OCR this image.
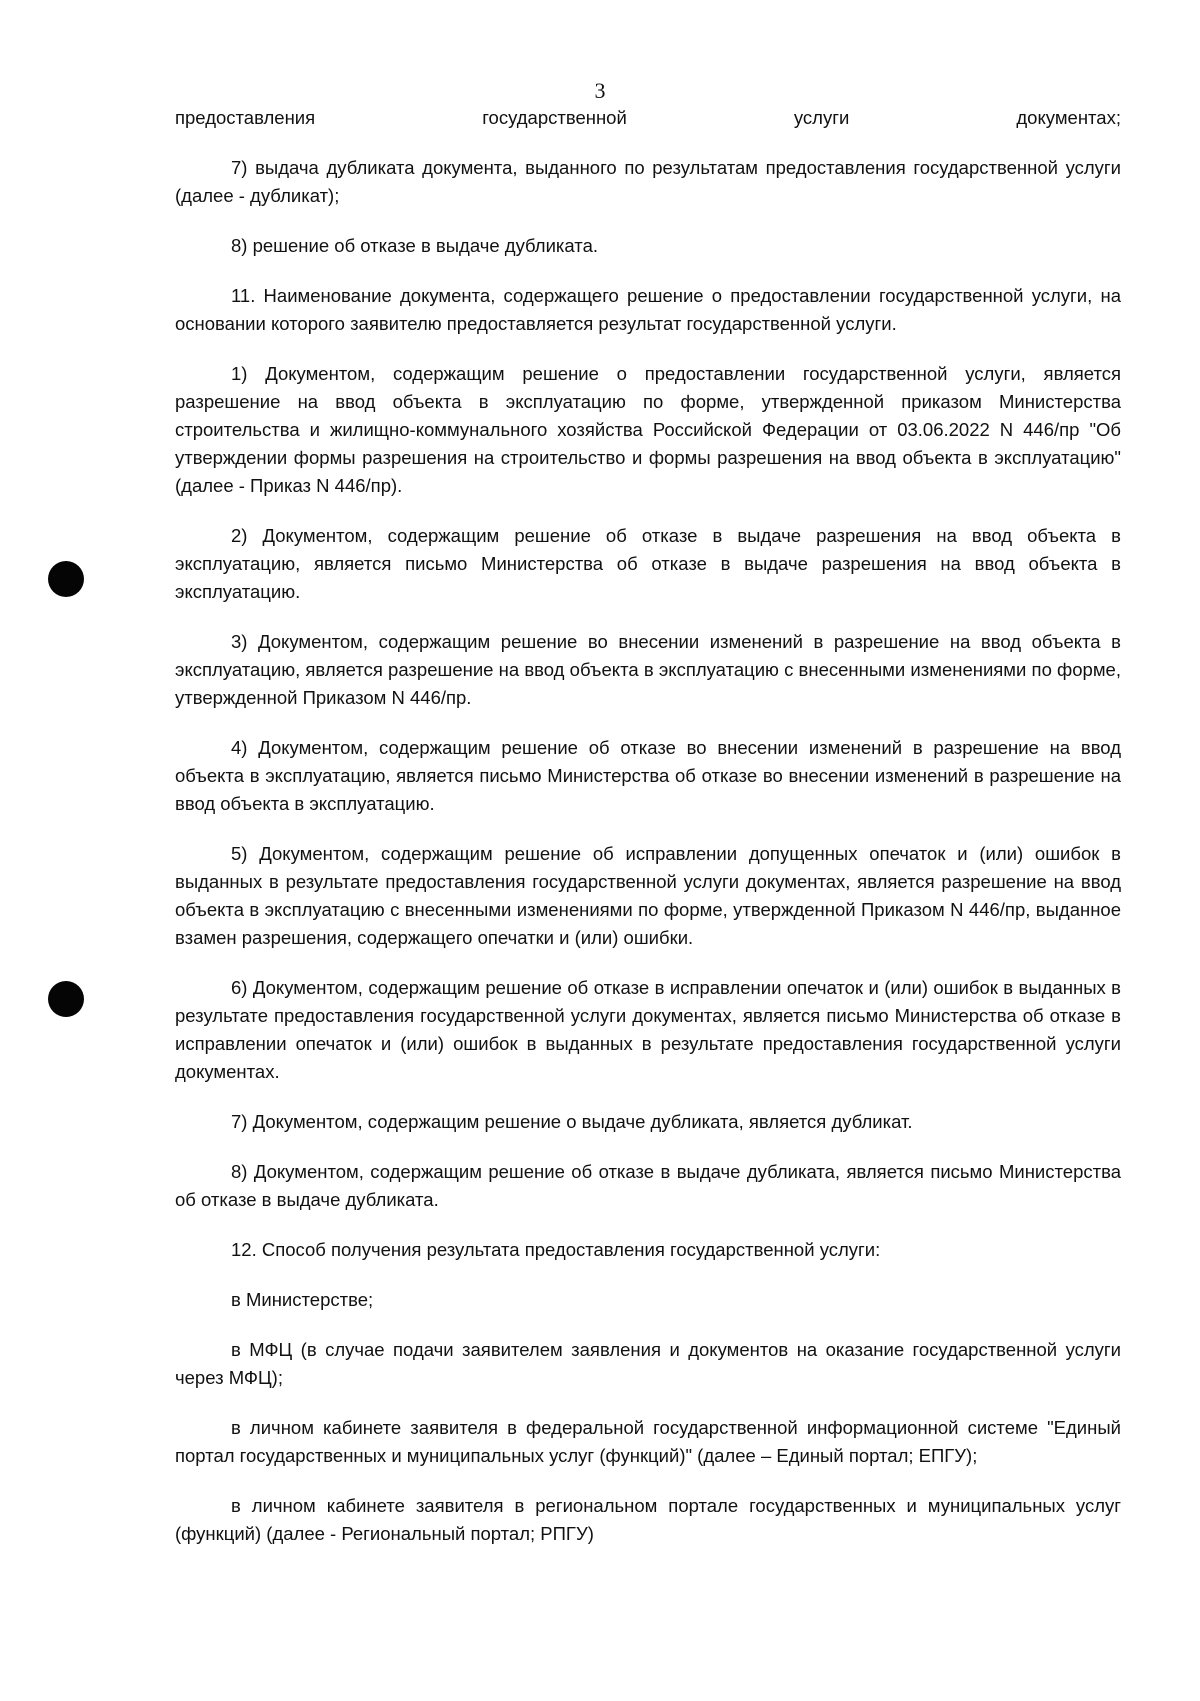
3

предоставления государственной услуги документах;

7) выдача дубликата документа, выданного по результатам предоставления государственной услуги (далее - дубликат);

8) решение об отказе в выдаче дубликата.

11. Наименование документа, содержащего решение о предоставлении государственной услуги, на основании которого заявителю предоставляется результат государственной услуги.

1) Документом, содержащим решение о предоставлении государственной услуги, является разрешение на ввод объекта в эксплуатацию по форме, утвержденной приказом Министерства строительства и жилищно-коммунального хозяйства Российской Федерации от 03.06.2022 N 446/пр "Об утверждении формы разрешения на строительство и формы разрешения на ввод объекта в эксплуатацию" (далее - Приказ N 446/пр).

2) Документом, содержащим решение об отказе в выдаче разрешения на ввод объекта в эксплуатацию, является письмо Министерства об отказе в выдаче разрешения на ввод объекта в эксплуатацию.

3) Документом, содержащим решение во внесении изменений в разрешение на ввод объекта в эксплуатацию, является разрешение на ввод объекта в эксплуатацию с внесенными изменениями по форме, утвержденной Приказом N 446/пр.

4) Документом, содержащим решение об отказе во внесении изменений в разрешение на ввод объекта в эксплуатацию, является письмо Министерства об отказе во внесении изменений в разрешение на ввод объекта в эксплуатацию.

5) Документом, содержащим решение об исправлении допущенных опечаток и (или) ошибок в выданных в результате предоставления государственной услуги документах, является разрешение на ввод объекта в эксплуатацию с внесенными изменениями по форме, утвержденной Приказом N 446/пр, выданное взамен разрешения, содержащего опечатки и (или) ошибки.

6) Документом, содержащим решение об отказе в исправлении опечаток и (или) ошибок в выданных в результате предоставления государственной услуги документах, является письмо Министерства об отказе в исправлении опечаток и (или) ошибок в выданных в результате предоставления государственной услуги документах.

7) Документом, содержащим решение о выдаче дубликата, является дубликат.

8) Документом, содержащим решение об отказе в выдаче дубликата, является письмо Министерства об отказе в выдаче дубликата.

12. Способ получения результата предоставления государственной услуги:

в Министерстве;

в МФЦ (в случае подачи заявителем заявления и документов на оказание государственной услуги через МФЦ);

в личном кабинете заявителя в федеральной государственной информационной системе "Единый портал государственных и муниципальных услуг (функций)" (далее – Единый портал; ЕПГУ);

в личном кабинете заявителя в региональном портале государственных и муниципальных услуг (функций) (далее - Региональный портал; РПГУ)
